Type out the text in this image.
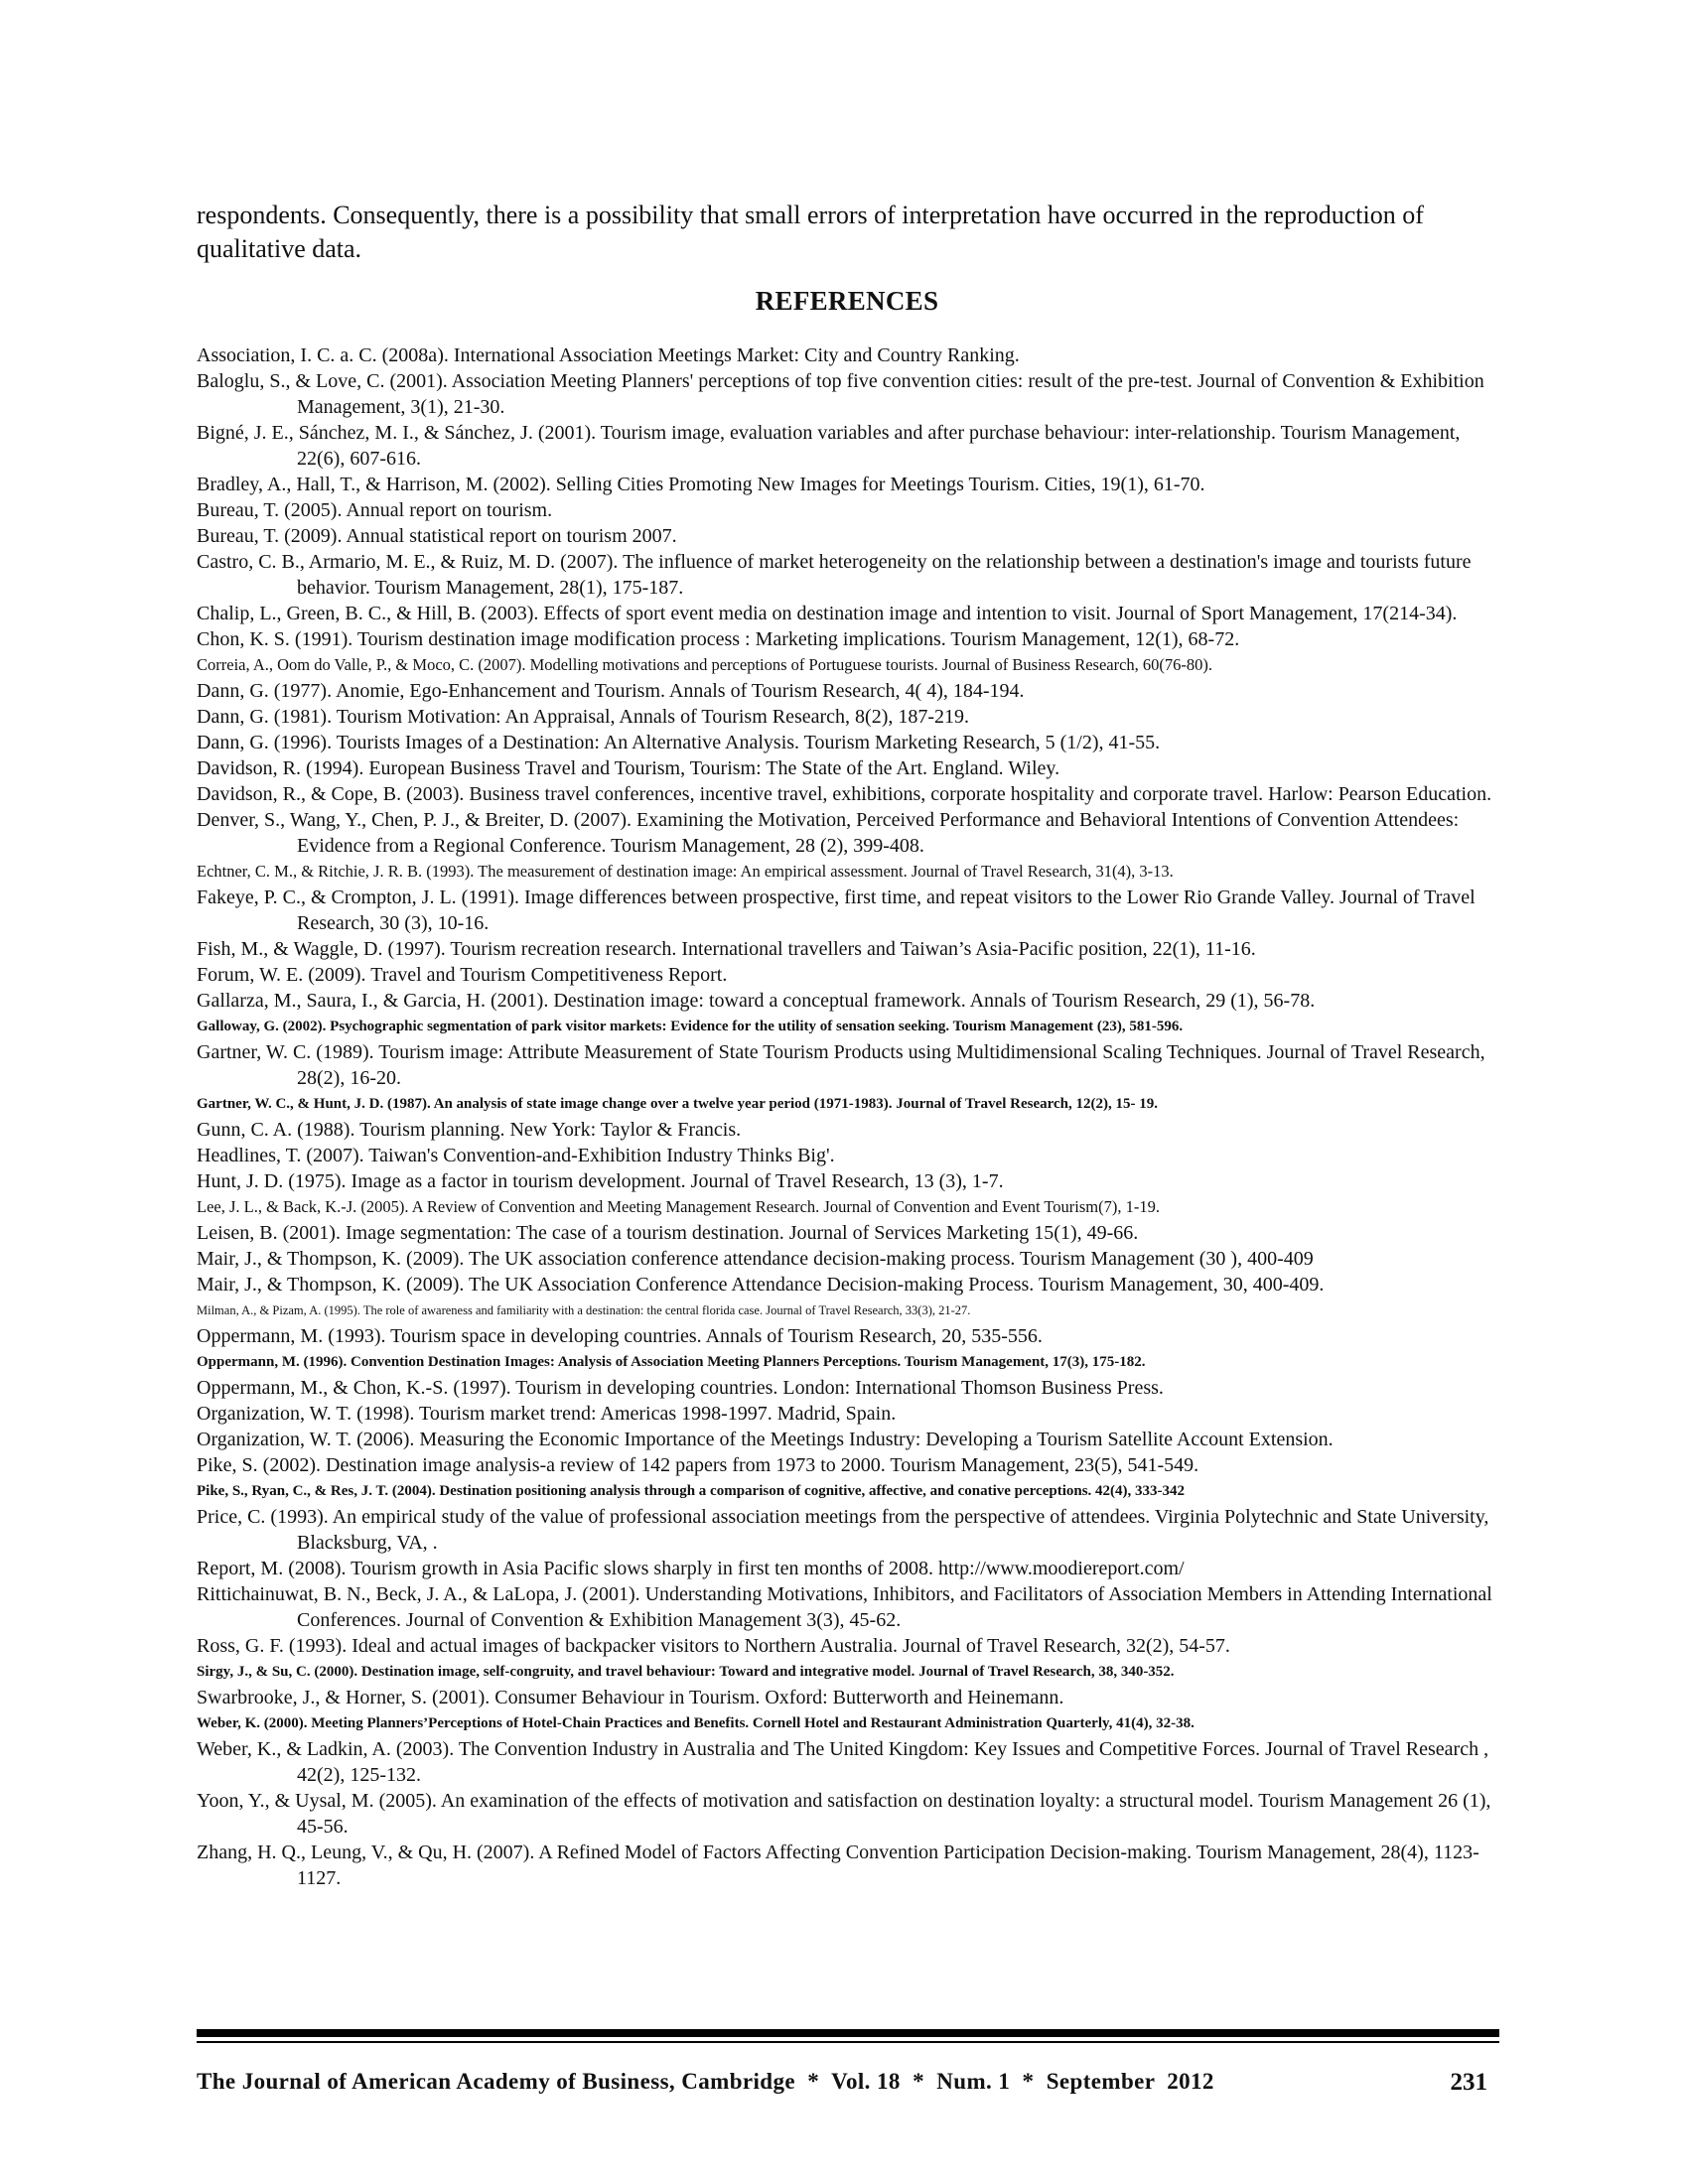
respondents. Consequently, there is a possibility that small errors of interpretation have occurred in the reproduction of qualitative data.

REFERENCES
Association, I. C. a. C. (2008a). International Association Meetings Market: City and Country Ranking.
Baloglu, S., & Love, C. (2001). Association Meeting Planners' perceptions of top five convention cities: result of the pre-test. Journal of Convention & Exhibition Management, 3(1), 21-30.
Bigné, J. E., Sánchez, M. I., & Sánchez, J. (2001). Tourism image, evaluation variables and after purchase behaviour: inter-relationship. Tourism Management, 22(6), 607-616.
Bradley, A., Hall, T., & Harrison, M. (2002). Selling Cities Promoting New Images for Meetings Tourism. Cities, 19(1), 61-70.
Bureau, T. (2005). Annual report on tourism.
Bureau, T. (2009). Annual statistical report on tourism 2007.
Castro, C. B., Armario, M. E., & Ruiz, M. D. (2007). The influence of market heterogeneity on the relationship between a destination's image and tourists future behavior. Tourism Management, 28(1), 175-187.
Chalip, L., Green, B. C., & Hill, B. (2003). Effects of sport event media on destination image and intention to visit. Journal of Sport Management, 17(214-34).
Chon, K. S. (1991). Tourism destination image modification process : Marketing implications. Tourism Management, 12(1), 68-72.
Correia, A., Oom do Valle, P., & Moco, C. (2007). Modelling motivations and perceptions of Portuguese tourists. Journal of Business Research, 60(76-80).
Dann, G. (1977). Anomie, Ego-Enhancement and Tourism. Annals of Tourism Research, 4( 4), 184-194.
Dann, G. (1981). Tourism Motivation: An Appraisal, Annals of Tourism Research, 8(2), 187-219.
Dann, G. (1996). Tourists Images of a Destination: An Alternative Analysis. Tourism Marketing Research, 5 (1/2), 41-55.
Davidson, R. (1994). European Business Travel and Tourism, Tourism: The State of the Art. England. Wiley.
Davidson, R., & Cope, B. (2003). Business travel conferences, incentive travel, exhibitions, corporate hospitality and corporate travel. Harlow: Pearson Education.
Denver, S., Wang, Y., Chen, P. J., & Breiter, D. (2007). Examining the Motivation, Perceived Performance and Behavioral Intentions of Convention Attendees: Evidence from a Regional Conference. Tourism Management, 28 (2), 399-408.
Echtner, C. M., & Ritchie, J. R. B. (1993). The measurement of destination image: An empirical assessment. Journal of Travel Research, 31(4), 3-13.
Fakeye, P. C., & Crompton, J. L. (1991). Image differences between prospective, first time, and repeat visitors to the Lower Rio Grande Valley. Journal of Travel Research, 30 (3), 10-16.
Fish, M., & Waggle, D. (1997). Tourism recreation research. International travellers and Taiwan’s Asia-Pacific position, 22(1), 11-16.
Forum, W. E. (2009). Travel and Tourism Competitiveness Report.
Gallarza, M., Saura, I., & Garcia, H. (2001). Destination image: toward a conceptual framework. Annals of Tourism Research, 29 (1), 56-78.
Galloway, G. (2002). Psychographic segmentation of park visitor markets: Evidence for the utility of sensation seeking. Tourism Management (23), 581-596.
Gartner, W. C. (1989). Tourism image: Attribute Measurement of State Tourism Products using Multidimensional Scaling Techniques. Journal of Travel Research, 28(2), 16-20.
Gartner, W. C., & Hunt, J. D. (1987). An analysis of state image change over a twelve year period (1971-1983). Journal of Travel Research, 12(2), 15- 19.
Gunn, C. A. (1988). Tourism planning. New York: Taylor & Francis.
Headlines, T. (2007). Taiwan's Convention-and-Exhibition Industry Thinks Big'.
Hunt, J. D. (1975). Image as a factor in tourism development. Journal of Travel Research, 13 (3), 1-7.
Lee, J. L., & Back, K.-J. (2005). A Review of Convention and Meeting Management Research. Journal of Convention and Event Tourism(7), 1-19.
Leisen, B. (2001). Image segmentation: The case of a tourism destination. Journal of Services Marketing 15(1), 49-66.
Mair, J., & Thompson, K. (2009). The UK association conference attendance decision-making process. Tourism Management (30 ), 400-409
Mair, J., & Thompson, K. (2009). The UK Association Conference Attendance Decision-making Process. Tourism Management, 30, 400-409.
Milman, A., & Pizam, A. (1995). The role of awareness and familiarity with a destination: the central florida case. Journal of Travel Research, 33(3), 21-27.
Oppermann, M. (1993). Tourism space in developing countries. Annals of Tourism Research, 20, 535-556.
Oppermann, M. (1996). Convention Destination Images: Analysis of Association Meeting Planners Perceptions. Tourism Management, 17(3), 175-182.
Oppermann, M., & Chon, K.-S. (1997). Tourism in developing countries. London: International Thomson Business Press.
Organization, W. T. (1998). Tourism market trend: Americas 1998-1997. Madrid, Spain.
Organization, W. T. (2006). Measuring the Economic Importance of the Meetings Industry: Developing a Tourism Satellite Account Extension.
Pike, S. (2002). Destination image analysis-a review of 142 papers from 1973 to 2000. Tourism Management, 23(5), 541-549.
Pike, S., Ryan, C., & Res, J. T. (2004). Destination positioning analysis through a comparison of cognitive, affective, and conative perceptions. 42(4), 333-342
Price, C. (1993). An empirical study of the value of professional association meetings from the perspective of attendees. Virginia Polytechnic and State University, Blacksburg, VA, .
Report, M. (2008). Tourism growth in Asia Pacific slows sharply in first ten months of 2008. http://www.moodiereport.com/
Rittichainuwat, B. N., Beck, J. A., & LaLopa, J. (2001). Understanding Motivations, Inhibitors, and Facilitators of Association Members in Attending International Conferences. Journal of Convention & Exhibition Management 3(3), 45-62.
Ross, G. F. (1993). Ideal and actual images of backpacker visitors to Northern Australia. Journal of Travel Research, 32(2), 54-57.
Sirgy, J., & Su, C. (2000). Destination image, self-congruity, and travel behaviour: Toward and integrative model. Journal of Travel Research, 38, 340-352.
Swarbrooke, J., & Horner, S. (2001). Consumer Behaviour in Tourism. Oxford: Butterworth and Heinemann.
Weber, K. (2000). Meeting Planners’Perceptions of Hotel-Chain Practices and Benefits. Cornell Hotel and Restaurant Administration Quarterly, 41(4), 32-38.
Weber, K., & Ladkin, A. (2003). The Convention Industry in Australia and The United Kingdom: Key Issues and Competitive Forces. Journal of Travel Research , 42(2), 125-132.
Yoon, Y., & Uysal, M. (2005). An examination of the effects of motivation and satisfaction on destination loyalty: a structural model. Tourism Management 26 (1), 45-56.
Zhang, H. Q., Leung, V., & Qu, H. (2007). A Refined Model of Factors Affecting Convention Participation Decision-making. Tourism Management, 28(4), 1123-1127.
The Journal of American Academy of Business, Cambridge  *  Vol. 18  *  Num. 1  *  September  2012	231
